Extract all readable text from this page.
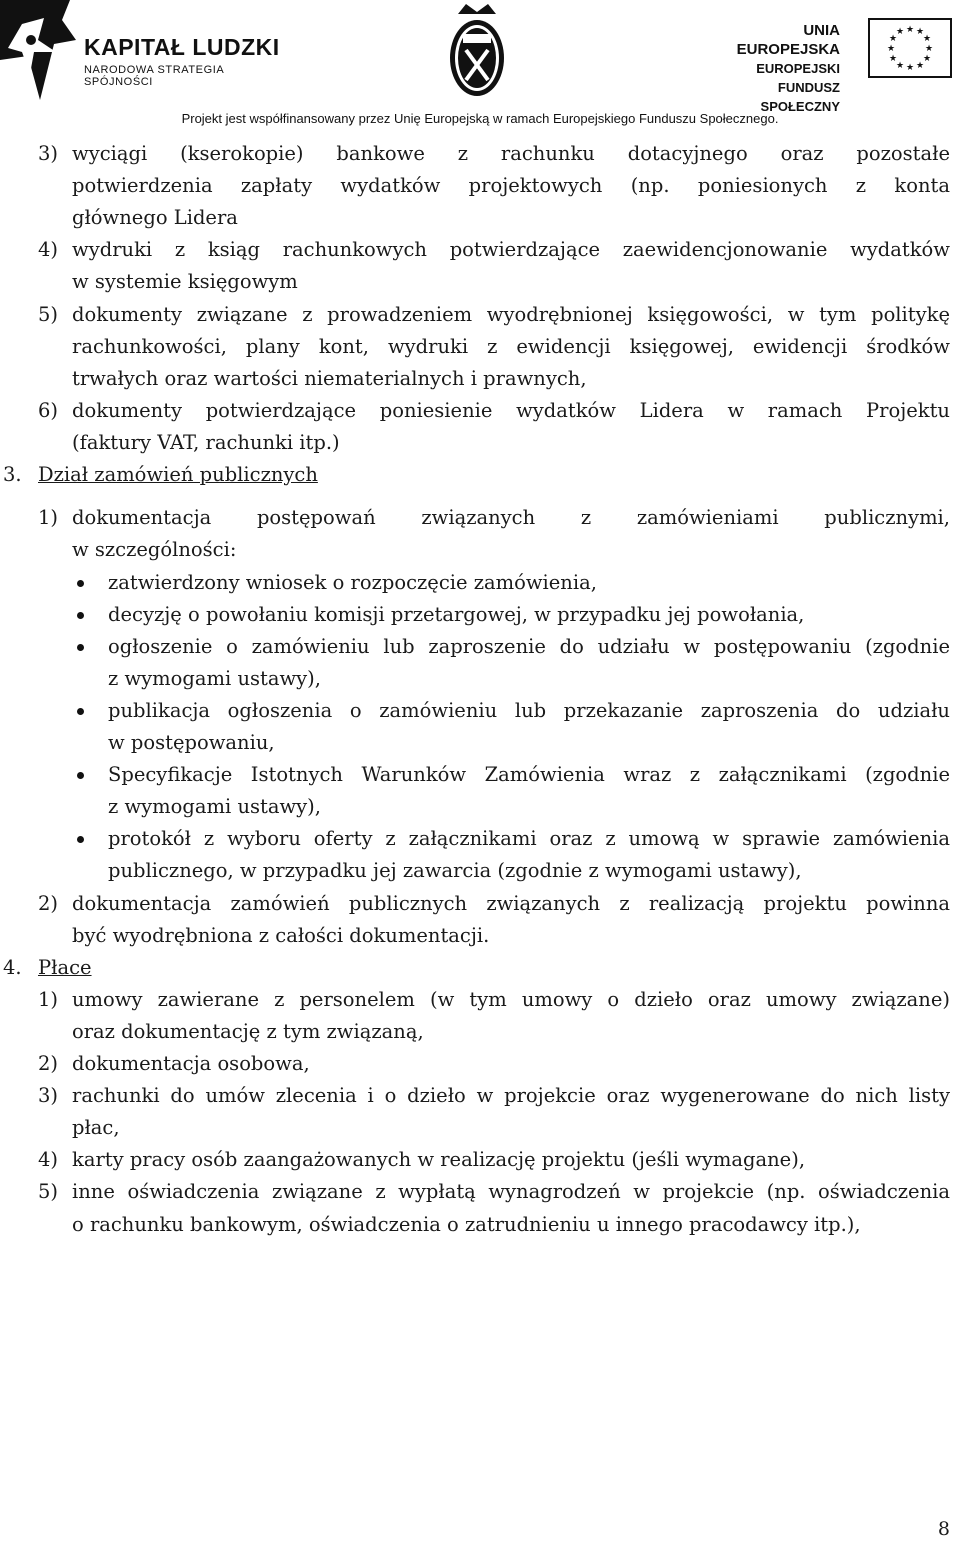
KAPITAŁ LUDZKI
NARODOWA STRATEGIA SPÓJNOŚCI
UNIA EUROPEJSKA
EUROPEJSKI
FUNDUSZ SPOŁECZNY
★ ★
★
★
★
★
★
★
★
★
★
★
Projekt jest współfinansowany przez Unię Europejską w ramach Europejskiego Funduszu Społecznego.
3) wyciągi (kserokopie) bankowe z rachunku dotacyjnego oraz pozostałe
potwierdzenia zapłaty wydatków projektowych (np. poniesionych z konta
głównego Lidera
4) wydruki z ksiąg rachunkowych potwierdzające zaewidencjonowanie wydatków
w systemie księgowym
5) dokumenty związane z prowadzeniem wyodrębnionej księgowości, w tym politykę
rachunkowości, plany kont, wydruki z ewidencji księgowej, ewidencji środków
trwałych oraz wartości niematerialnych i prawnych,
6) dokumenty potwierdzające poniesienie wydatków Lidera w ramach Projektu
(faktury VAT, rachunki itp.)
3. Dział zamówień publicznych
1) dokumentacja postępowań związanych z zamówieniami publicznymi,
w szczególności:
zatwierdzony wniosek o rozpoczęcie zamówienia,
decyzję o powołaniu komisji przetargowej, w przypadku jej powołania,
ogłoszenie o zamówieniu lub zaproszenie do udziału w postępowaniu (zgodnie
z wymogami ustawy),
publikacja ogłoszenia o zamówieniu lub przekazanie zaproszenia do udziału
w postępowaniu,
Specyfikacje Istotnych Warunków Zamówienia wraz z załącznikami (zgodnie
z wymogami ustawy),
protokół z wyboru oferty z załącznikami oraz z umową w sprawie zamówienia
publicznego, w przypadku jej zawarcia (zgodnie z wymogami ustawy),
2) dokumentacja zamówień publicznych związanych z realizacją projektu powinna
być wyodrębniona z całości dokumentacji.
4. Płace
1) umowy zawierane z personelem (w tym umowy o dzieło oraz umowy związane)
oraz dokumentację z tym związaną,
2) dokumentacja osobowa,
3) rachunki do umów zlecenia i o dzieło w projekcie oraz wygenerowane do nich listy
płac,
4) karty pracy osób zaangażowanych w realizację projektu (jeśli wymagane),
5) inne oświadczenia związane z wypłatą wynagrodzeń w projekcie (np. oświadczenia
o rachunku bankowym, oświadczenia o zatrudnieniu u innego pracodawcy itp.),
8
